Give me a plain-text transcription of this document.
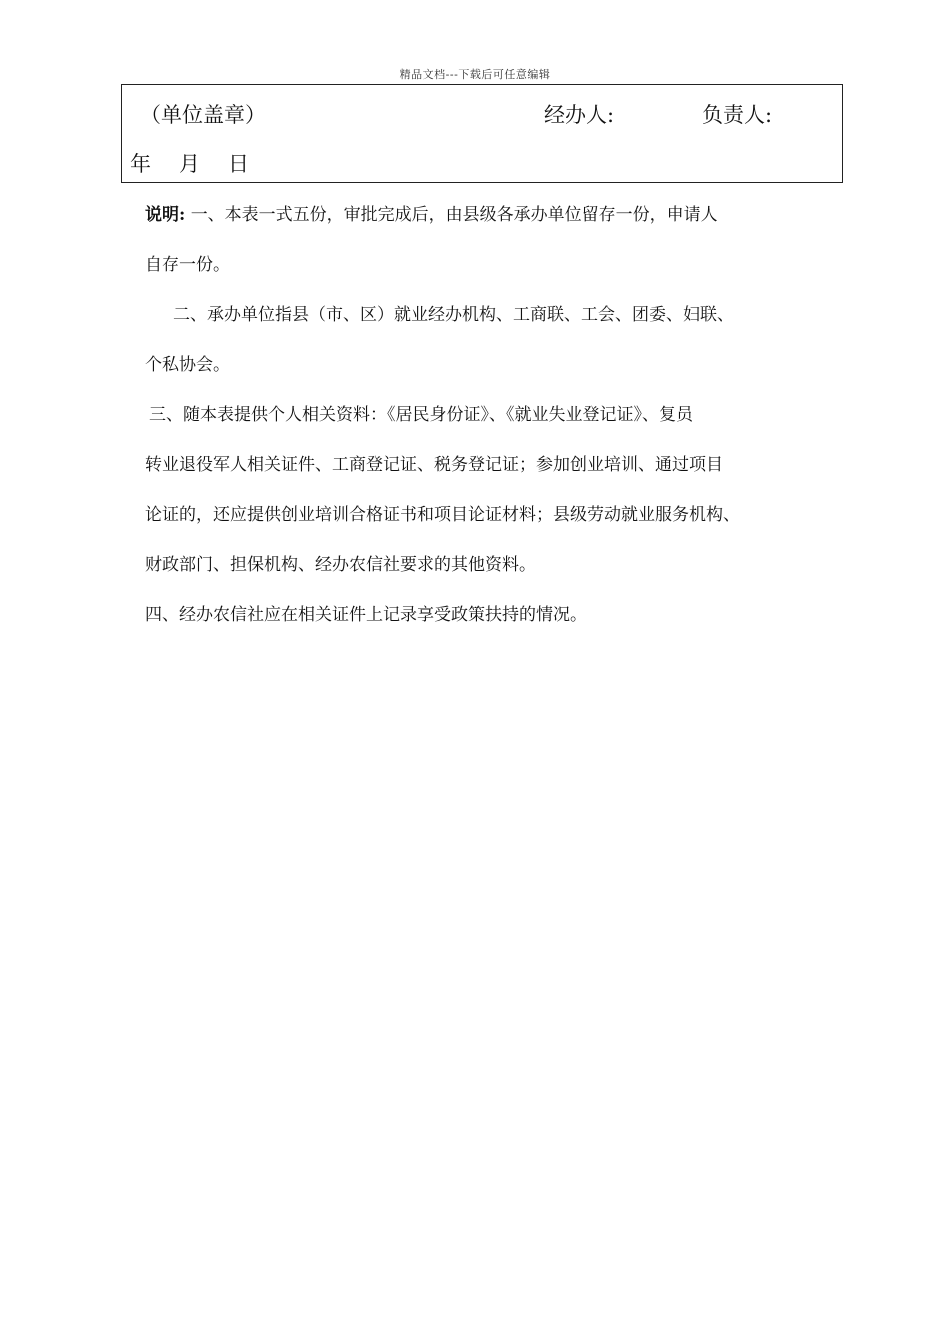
精品文档---下载后可任意编辑
（单位盖章）	经办人:	负责人:
年 月 日
说明: 一、本表一式五份，审批完成后，由县级各承办单位留存一份，申请人
自存一份。
二、承办单位指县（市、区）就业经办机构、工商联、工会、团委、妇联、
个私协会。
三、随本表提供个人相关资料：《居民身份证》、《就业失业登记证》、复员
转业退役军人相关证件、工商登记证、税务登记证；参加创业培训、通过项目
论证的，还应提供创业培训合格证书和项目论证材料；县级劳动就业服务机构、
财政部门、担保机构、经办农信社要求的其他资料。
四、经办农信社应在相关证件上记录享受政策扶持的情况。
